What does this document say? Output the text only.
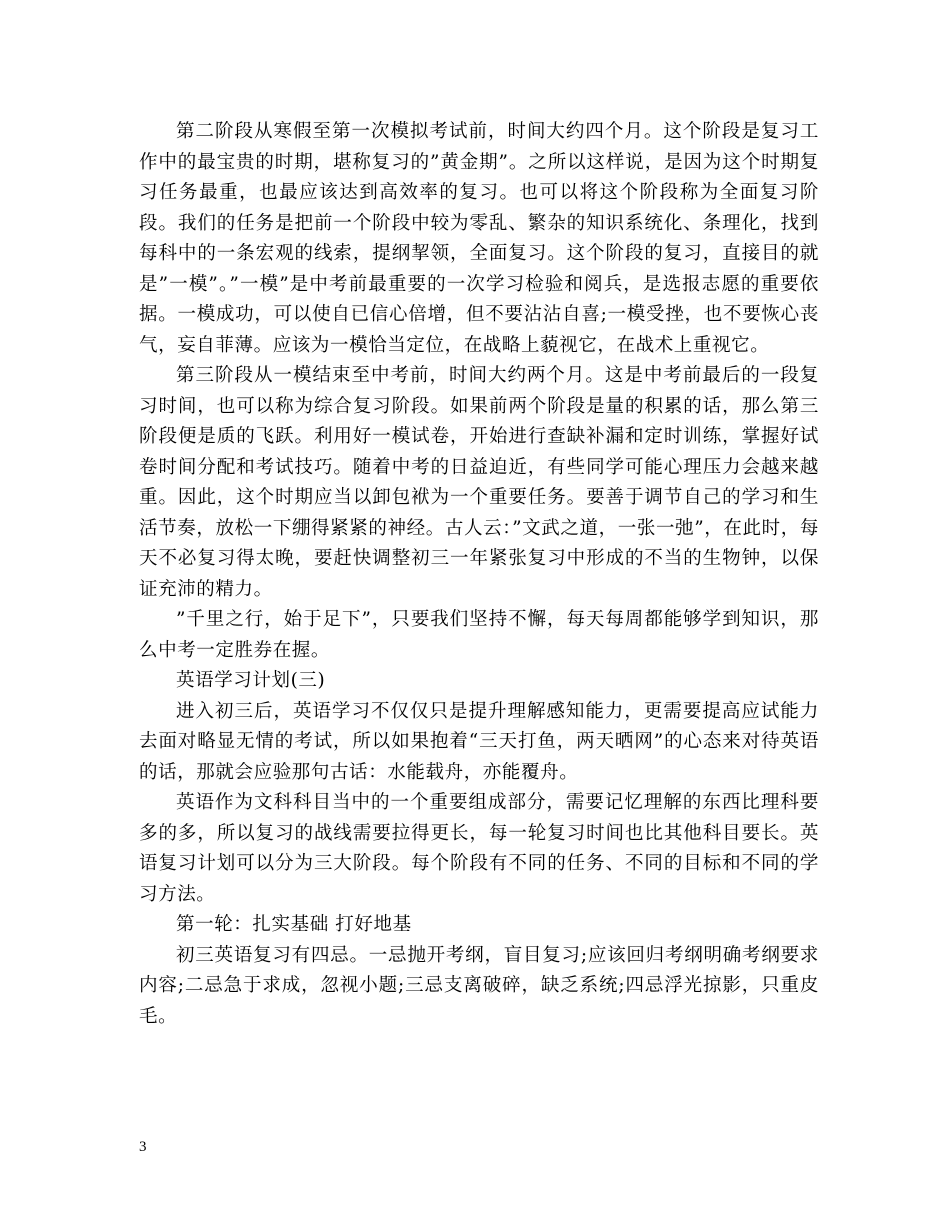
第二阶段从寒假至第一次模拟考试前，时间大约四个月。这个阶段是复习工作中的最宝贵的时期，堪称复习的”黄金期”。之所以这样说，是因为这个时期复习任务最重，也最应该达到高效率的复习。也可以将这个阶段称为全面复习阶段。我们的任务是把前一个阶段中较为零乱、繁杂的知识系统化、条理化，找到每科中的一条宏观的线索，提纲挈领，全面复习。这个阶段的复习，直接目的就是”一模”。”一模”是中考前最重要的一次学习检验和阅兵，是选报志愿的重要依据。一模成功，可以使自已信心倍增，但不要沾沾自喜;一模受挫，也不要恢心丧气，妄自菲薄。应该为一模恰当定位，在战略上藐视它，在战术上重视它。

第三阶段从一模结束至中考前，时间大约两个月。这是中考前最后的一段复习时间，也可以称为综合复习阶段。如果前两个阶段是量的积累的话，那么第三阶段便是质的飞跃。利用好一模试卷，开始进行查缺补漏和定时训练，掌握好试卷时间分配和考试技巧。随着中考的日益迫近，有些同学可能心理压力会越来越重。因此，这个时期应当以卸包袱为一个重要任务。要善于调节自己的学习和生活节奏，放松一下绷得紧紧的神经。古人云：”文武之道，一张一弛”，在此时，每天不必复习得太晚，要赶快调整初三一年紧张复习中形成的不当的生物钟，以保证充沛的精力。

”千里之行，始于足下”，只要我们坚持不懈，每天每周都能够学到知识，那么中考一定胜券在握。

英语学习计划(三)

进入初三后，英语学习不仅仅只是提升理解感知能力，更需要提高应试能力去面对略显无情的考试，所以如果抱着“三天打鱼，两天晒网”的心态来对待英语的话，那就会应验那句古话：水能载舟，亦能覆舟。

英语作为文科科目当中的一个重要组成部分，需要记忆理解的东西比理科要多的多，所以复习的战线需要拉得更长，每一轮复习时间也比其他科目要长。英语复习计划可以分为三大阶段。每个阶段有不同的任务、不同的目标和不同的学习方法。

第一轮：扎实基础 打好地基

初三英语复习有四忌。一忌抛开考纲，盲目复习;应该回归考纲明确考纲要求内容;二忌急于求成，忽视小题;三忌支离破碎，缺乏系统;四忌浮光掠影，只重皮毛。

3
